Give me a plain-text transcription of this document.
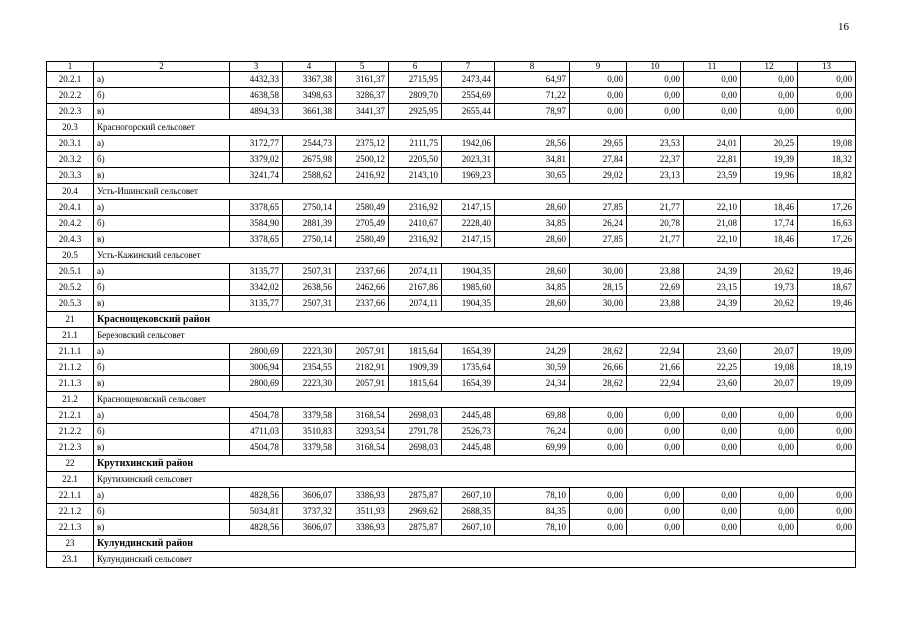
16
1	2	3	4	5	6	7	8	9	10	11	12	13
20.2.1	а)	4432,33	3367,38	3161,37	2715,95	2473,44	64,97	0,00	0,00	0,00	0,00	0,00
20.2.2	б)	4638,58	3498,63	3286,37	2809,70	2554,69	71,22	0,00	0,00	0,00	0,00	0,00
20.2.3	в)	4894,33	3661,38	3441,37	2925,95	2655,44	78,97	0,00	0,00	0,00	0,00	0,00
20.3	Красногорский сельсовет											
20.3.1	а)	3172,77	2544,73	2375,12	2111,75	1942,06	28,56	29,65	23,53	24,01	20,25	19,08
20.3.2	б)	3379,02	2675,98	2500,12	2205,50	2023,31	34,81	27,84	22,37	22,81	19,39	18,32
20.3.3	в)	3241,74	2588,62	2416,92	2143,10	1969,23	30,65	29,02	23,13	23,59	19,96	18,82
20.4	Усть-Ишинский сельсовет											
20.4.1	а)	3378,65	2750,14	2580,49	2316,92	2147,15	28,60	27,85	21,77	22,10	18,46	17,26
20.4.2	б)	3584,90	2881,39	2705,49	2410,67	2228,40	34,85	26,24	20,78	21,08	17,74	16,63
20.4.3	в)	3378,65	2750,14	2580,49	2316,92	2147,15	28,60	27,85	21,77	22,10	18,46	17,26
20.5	Усть-Кажинский сельсовет											
20.5.1	а)	3135,77	2507,31	2337,66	2074,11	1904,35	28,60	30,00	23,88	24,39	20,62	19,46
20.5.2	б)	3342,02	2638,56	2462,66	2167,86	1985,60	34,85	28,15	22,69	23,15	19,73	18,67
20.5.3	в)	3135,77	2507,31	2337,66	2074,11	1904,35	28,60	30,00	23,88	24,39	20,62	19,46
21	Краснощековский район											
21.1	Березовский сельсовет											
21.1.1	а)	2800,69	2223,30	2057,91	1815,64	1654,39	24,29	28,62	22,94	23,60	20,07	19,09
21.1.2	б)	3006,94	2354,55	2182,91	1909,39	1735,64	30,59	26,66	21,66	22,25	19,08	18,19
21.1.3	в)	2800,69	2223,30	2057,91	1815,64	1654,39	24,34	28,62	22,94	23,60	20,07	19,09
21.2	Краснощековский сельсовет											
21.2.1	а)	4504,78	3379,58	3168,54	2698,03	2445,48	69,88	0,00	0,00	0,00	0,00	0,00
21.2.2	б)	4711,03	3510,83	3293,54	2791,78	2526,73	76,24	0,00	0,00	0,00	0,00	0,00
21.2.3	в)	4504,78	3379,58	3168,54	2698,03	2445,48	69,99	0,00	0,00	0,00	0,00	0,00
22	Крутихинский район											
22.1	Крутихинский сельсовет											
22.1.1	а)	4828,56	3606,07	3386,93	2875,87	2607,10	78,10	0,00	0,00	0,00	0,00	0,00
22.1.2	б)	5034,81	3737,32	3511,93	2969,62	2688,35	84,35	0,00	0,00	0,00	0,00	0,00
22.1.3	в)	4828,56	3606,07	3386,93	2875,87	2607,10	78,10	0,00	0,00	0,00	0,00	0,00
23	Кулундинский район											
23.1	Кулундинский сельсовет											
